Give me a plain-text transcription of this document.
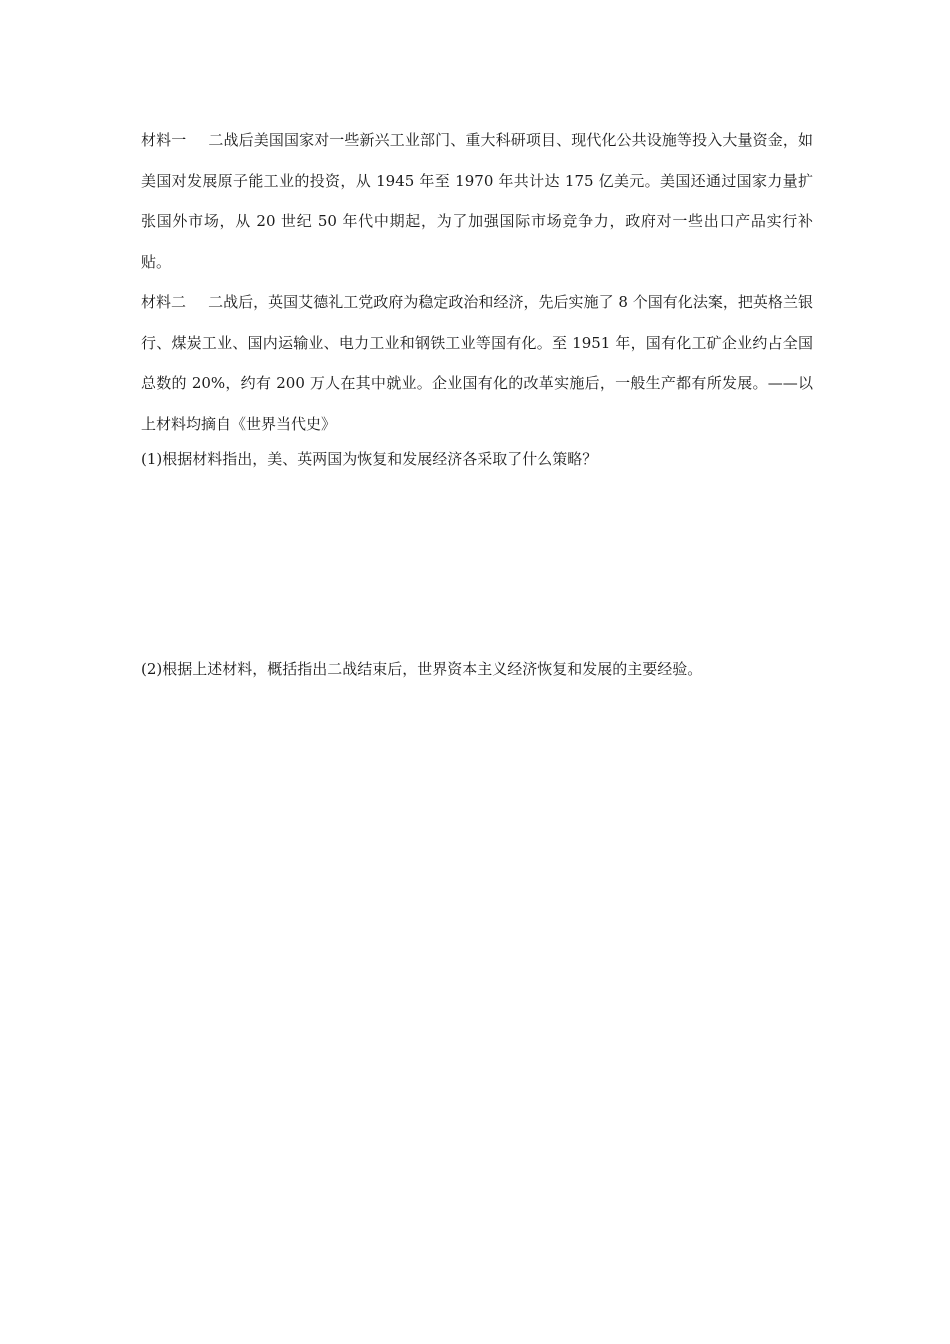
材料一 二战后美国国家对一些新兴工业部门、重大科研项目、现代化公共设施等投入大量资金，如美国对发展原子能工业的投资，从 1945 年至 1970 年共计达 175 亿美元。美国还通过国家力量扩张国外市场，从 20 世纪 50 年代中期起，为了加强国际市场竞争力，政府对一些出口产品实行补贴。

材料二 二战后，英国艾德礼工党政府为稳定政治和经济，先后实施了 8 个国有化法案，把英格兰银行、煤炭工业、国内运输业、电力工业和钢铁工业等国有化。至 1951 年，国有化工矿企业约占全国总数的 20%，约有 200 万人在其中就业。企业国有化的改革实施后，一般生产都有所发展。——以上材料均摘自《世界当代史》

(1)根据材料指出，美、英两国为恢复和发展经济各采取了什么策略？

(2)根据上述材料，概括指出二战结束后，世界资本主义经济恢复和发展的主要经验。
